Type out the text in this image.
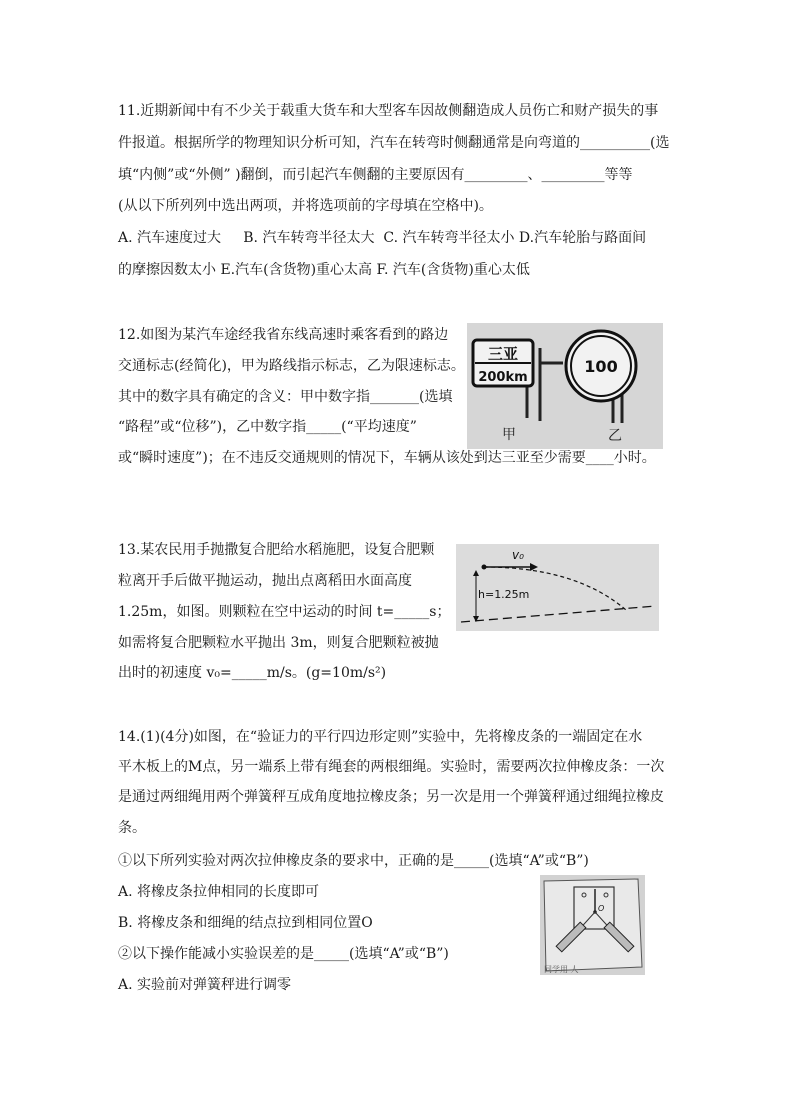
11.近期新闻中有不少关于载重大货车和大型客车因故侧翻造成人员伤亡和财产损失的事
件报道。根据所学的物理知识分析可知，汽车在转弯时侧翻通常是向弯道的__________(选
填“内侧”或“外侧” )翻倒，而引起汽车侧翻的主要原因有_________、_________等等
(从以下所列列中选出两项，并将选项前的字母填在空格中)。
A. 汽车速度过大     B. 汽车转弯半径太大  C. 汽车转弯半径太小 D.汽车轮胎与路面间
的摩擦因数太小 E.汽车(含货物)重心太高 F. 汽车(含货物)重心太低
12.如图为某汽车途经我省东线高速时乘客看到的路边
交通标志(经简化)，甲为路线指示标志，乙为限速标志。
其中的数字具有确定的含义：甲中数字指_______(选填
“路程”或“位移”)，乙中数字指_____(“平均速度”
或“瞬时速度”)；在不违反交通规则的情况下，车辆从该处到达三亚至少需要____小时。
三亚
200km
100
甲	乙
13.某农民用手抛撒复合肥给水稻施肥，设复合肥颗
粒离开手后做平抛运动，抛出点离稻田水面高度
1.25m，如图。则颗粒在空中运动的时间 t=_____s；
如需将复合肥颗粒水平抛出 3m，则复合肥颗粒被抛
出时的初速度 v₀=_____m/s。(g=10m/s²)
v₀
h=1.25m
14.(1)(4分)如图，在“验证力的平行四边形定则”实验中，先将橡皮条的一端固定在水
平木板上的M点，另一端系上带有绳套的两根细绳。实验时，需要两次拉伸橡皮条：一次
是通过两细绳用两个弹簧秤互成角度地拉橡皮条；另一次是用一个弹簧秤通过细绳拉橡皮
条。
①以下所列实验对两次拉伸橡皮条的要求中，正确的是_____(选填“A”或“B”)
A. 将橡皮条拉伸相同的长度即可
B. 将橡皮条和细绳的结点拉到相同位置O
②以下操作能减小实验误差的是_____(选填“A”或“B”)
A. 实验前对弹簧秤进行调零
O
同学用 人
